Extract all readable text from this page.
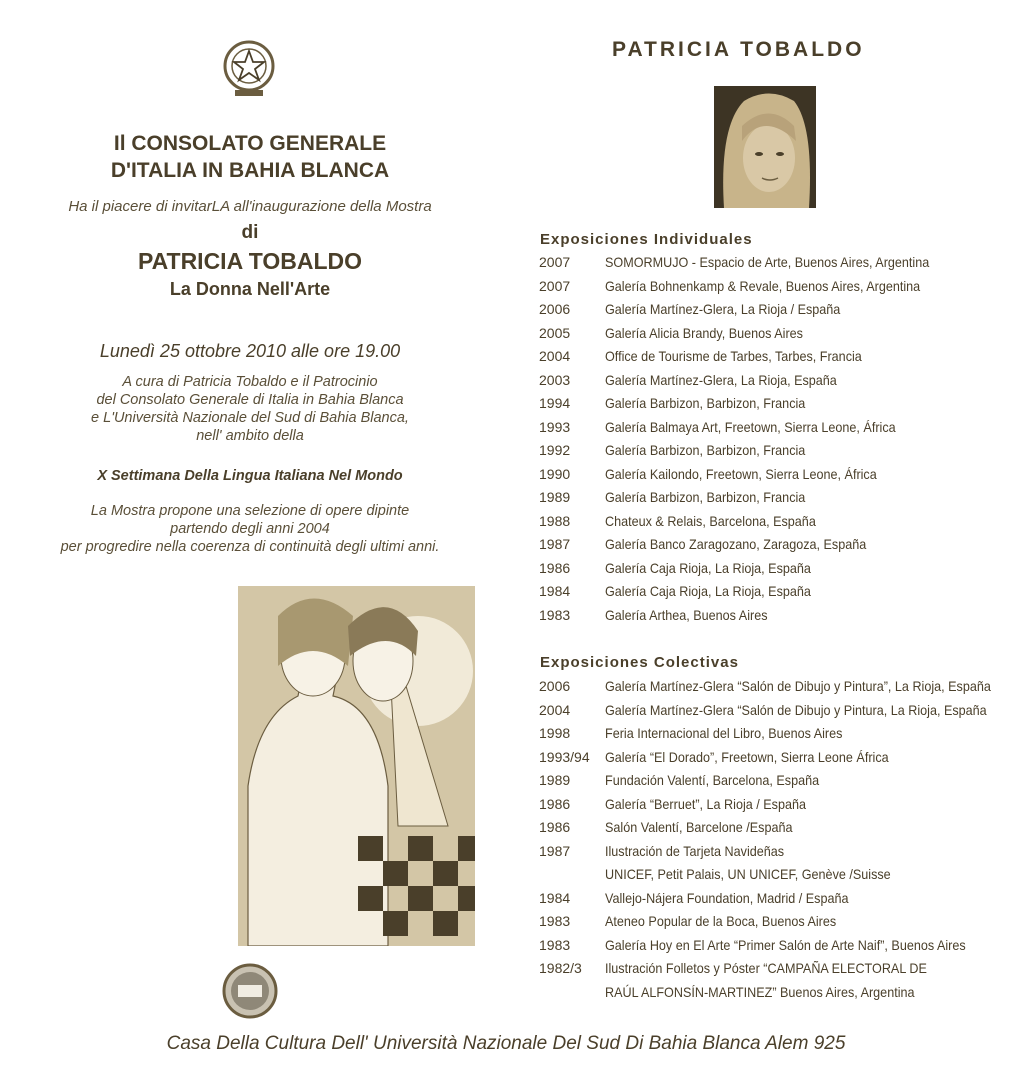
Il CONSOLATO GENERALE
D'ITALIA IN BAHIA BLANCA
Ha il piacere di invitarLA all'inaugurazione della Mostra
di
PATRICIA TOBALDO
La Donna Nell'Arte
Lunedì 25 ottobre 2010 alle ore 19.00
A cura di Patricia Tobaldo e il Patrocinio
del Consolato Generale di Italia in Bahia Blanca
e L'Università Nazionale del Sud di Bahia Blanca,
nell' ambito della
X Settimana Della Lingua Italiana Nel Mondo
La Mostra propone una selezione di opere dipinte
partendo degli anni 2004
per progredire nella coerenza di continuità degli ultimi anni.
PATRICIA TOBALDO
Exposiciones Individuales
2007 SOMORMUJO - Espacio de Arte, Buenos Aires, Argentina
2007 Galería Bohnenkamp & Revale, Buenos Aires, Argentina
2006 Galería Martínez-Glera, La Rioja / España
2005 Galería Alicia Brandy, Buenos Aires
2004 Office de Tourisme de Tarbes, Tarbes, Francia
2003 Galería Martínez-Glera, La Rioja, España
1994 Galería Barbizon, Barbizon, Francia
1993 Galería Balmaya Art, Freetown, Sierra Leone, África
1992 Galería Barbizon, Barbizon, Francia
1990 Galería Kailondo, Freetown, Sierra Leone, África
1989 Galería Barbizon, Barbizon, Francia
1988 Chateux & Relais, Barcelona, España
1987 Galería Banco Zaragozano, Zaragoza, España
1986 Galería Caja Rioja, La Rioja, España
1984 Galería Caja Rioja, La Rioja, España
1983 Galería Arthea, Buenos Aires
Exposiciones Colectivas
2006 Galería Martínez-Glera “Salón de Dibujo y Pintura”, La Rioja, España
2004 Galería Martínez-Glera “Salón de Dibujo y Pintura, La Rioja, España
1998 Feria Internacional del Libro, Buenos Aires
1993/94 Galería “El Dorado”, Freetown, Sierra Leone África
1989 Fundación Valentí, Barcelona, España
1986 Galería “Berruet”, La Rioja / España
1986 Salón Valentí, Barcelone /España
1987 Ilustración de Tarjeta Navideñas
UNICEF, Petit Palais, UN UNICEF, Genève /Suisse
1984 Vallejo-Nájera Foundation, Madrid / España
1983 Ateneo Popular de la Boca, Buenos Aires
1983 Galería Hoy en El Arte “Primer Salón de Arte Naif”, Buenos Aires
1982/3 Ilustración Folletos y Póster “CAMPAÑA ELECTORAL DE
RAÚL ALFONSÍN-MARTINEZ” Buenos Aires, Argentina
Casa Della Cultura Dell' Università Nazionale Del Sud Di Bahia Blanca Alem 925
